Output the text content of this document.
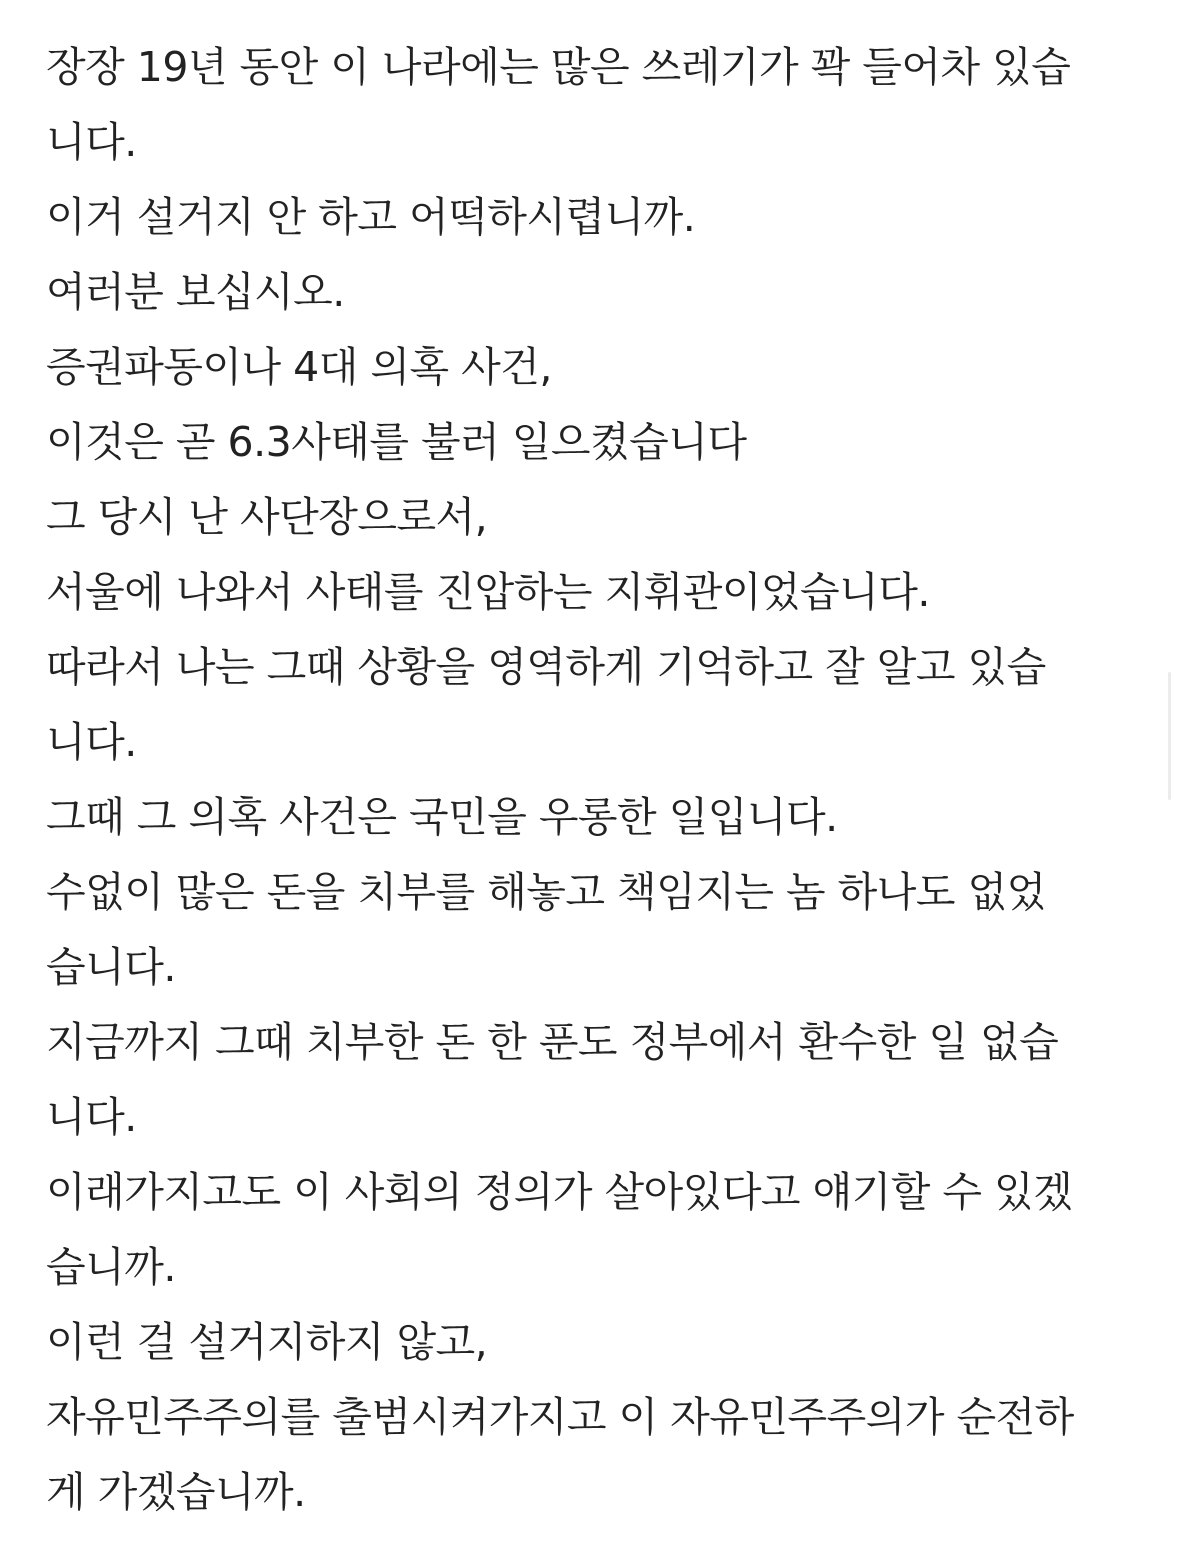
장장 19년 동안 이 나라에는 많은 쓰레기가 꽉 들어차 있습
니다.
이거 설거지 안 하고 어떡하시렵니까.
여러분 보십시오.
증권파동이나 4대 의혹 사건,
이것은 곧 6.3사태를 불러 일으켰습니다
그 당시 난 사단장으로서,
서울에 나와서 사태를 진압하는 지휘관이었습니다.
따라서 나는 그때 상황을 영역하게 기억하고 잘 알고 있습
니다.
그때 그 의혹 사건은 국민을 우롱한 일입니다.
수없이 많은 돈을 치부를 해놓고 책임지는 놈 하나도 없었
습니다.
지금까지 그때 치부한 돈 한 푼도 정부에서 환수한 일 없습
니다.
이래가지고도 이 사회의 정의가 살아있다고 얘기할 수 있겠
습니까.
이런 걸 설거지하지 않고,
자유민주주의를 출범시켜가지고 이 자유민주주의가 순전하
게 가겠습니까.
